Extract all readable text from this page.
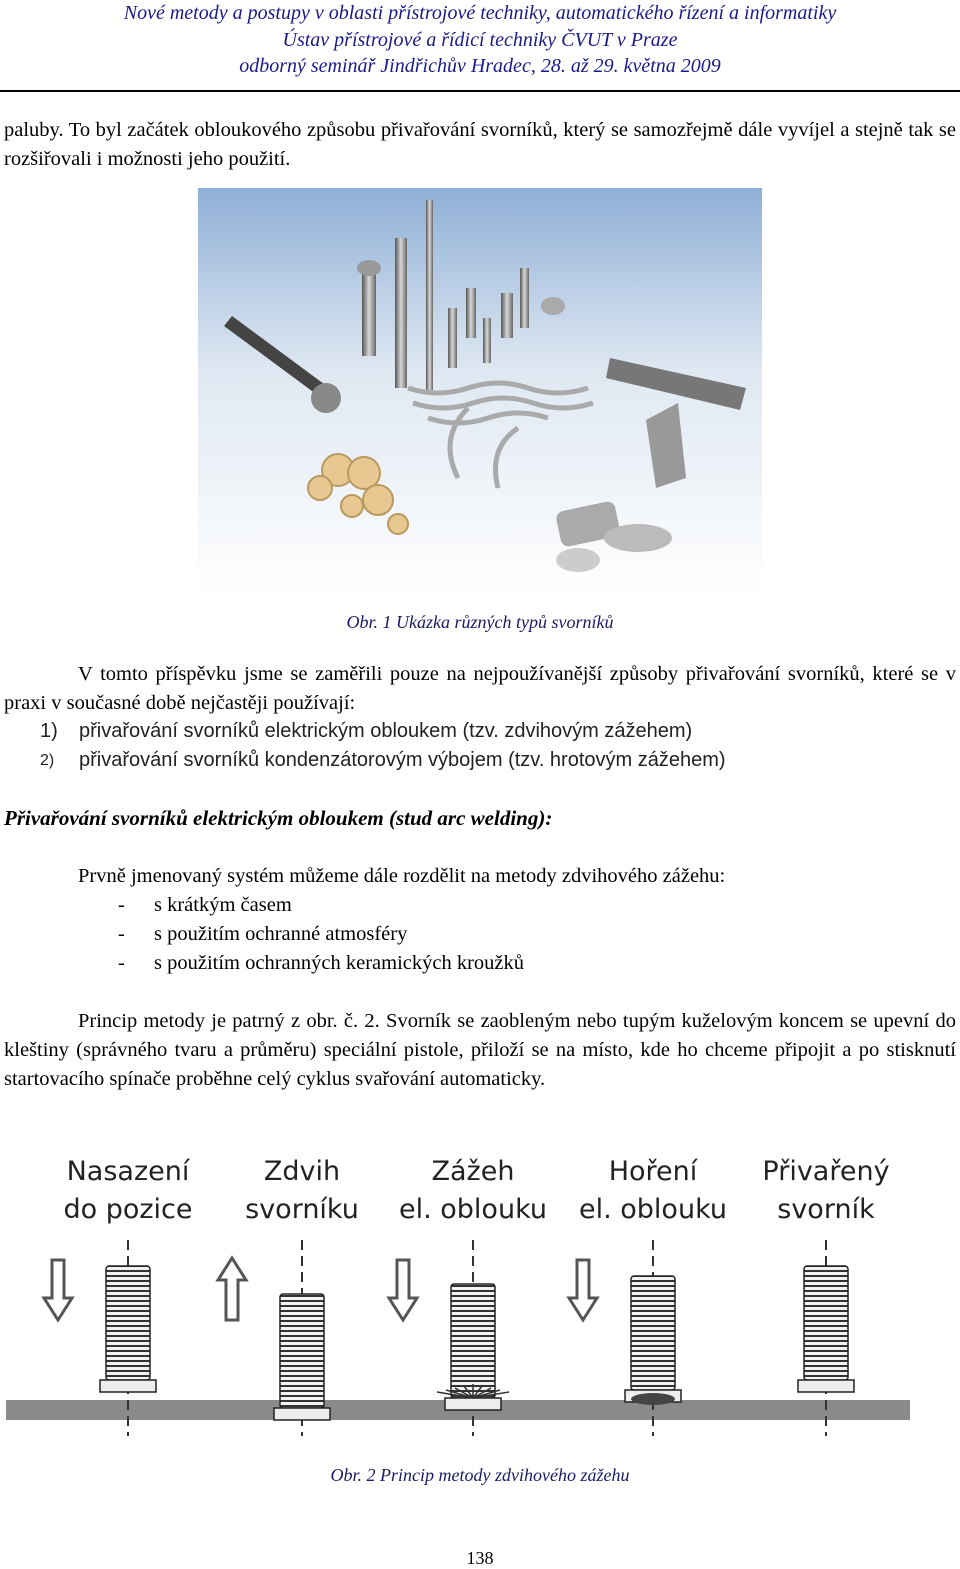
Nové metody a postupy v oblasti přístrojové techniky, automatického řízení a informatiky
Ústav přístrojové a řídicí techniky ČVUT v Praze
odborný seminář Jindřichův Hradec, 28. až 29. května 2009
paluby. To byl začátek obloukového způsobu přivařování svorníků, který se samozřejmě dále vyvíjel a stejně tak se rozšiřovali i možnosti jeho použití.
Obr. 1 Ukázka různých typů svorníků
V tomto příspěvku jsme se zaměřili pouze na nejpoužívanější způsoby přivařování svorníků, které se v praxi v současné době nejčastěji používají:
1) přivařování svorníků elektrickým obloukem (tzv. zdvihovým zážehem)
2) přivařování svorníků kondenzátorovým výbojem (tzv. hrotovým zážehem)
Přivařování svorníků elektrickým obloukem (stud arc welding):
Prvně jmenovaný systém můžeme dále rozdělit na metody zdvihového zážehu:
- s krátkým časem
- s použitím ochranné atmosféry
- s použitím ochranných keramických kroužků
Princip metody je patrný z obr. č. 2. Svorník se zaobleným nebo tupým kuželovým koncem se upevní do kleštiny (správného tvaru a průměru) speciální pistole, přiloží se na místo, kde ho chceme připojit a po stisknutí startovacího spínače proběhne celý cyklus svařování automaticky.
Nasazení
do pozice
Zdvih
svorníku
Zážeh
el. oblouku
Hoření
el. oblouku
Přivařený
svorník
Obr. 2 Princip metody zdvihového zážehu
138
